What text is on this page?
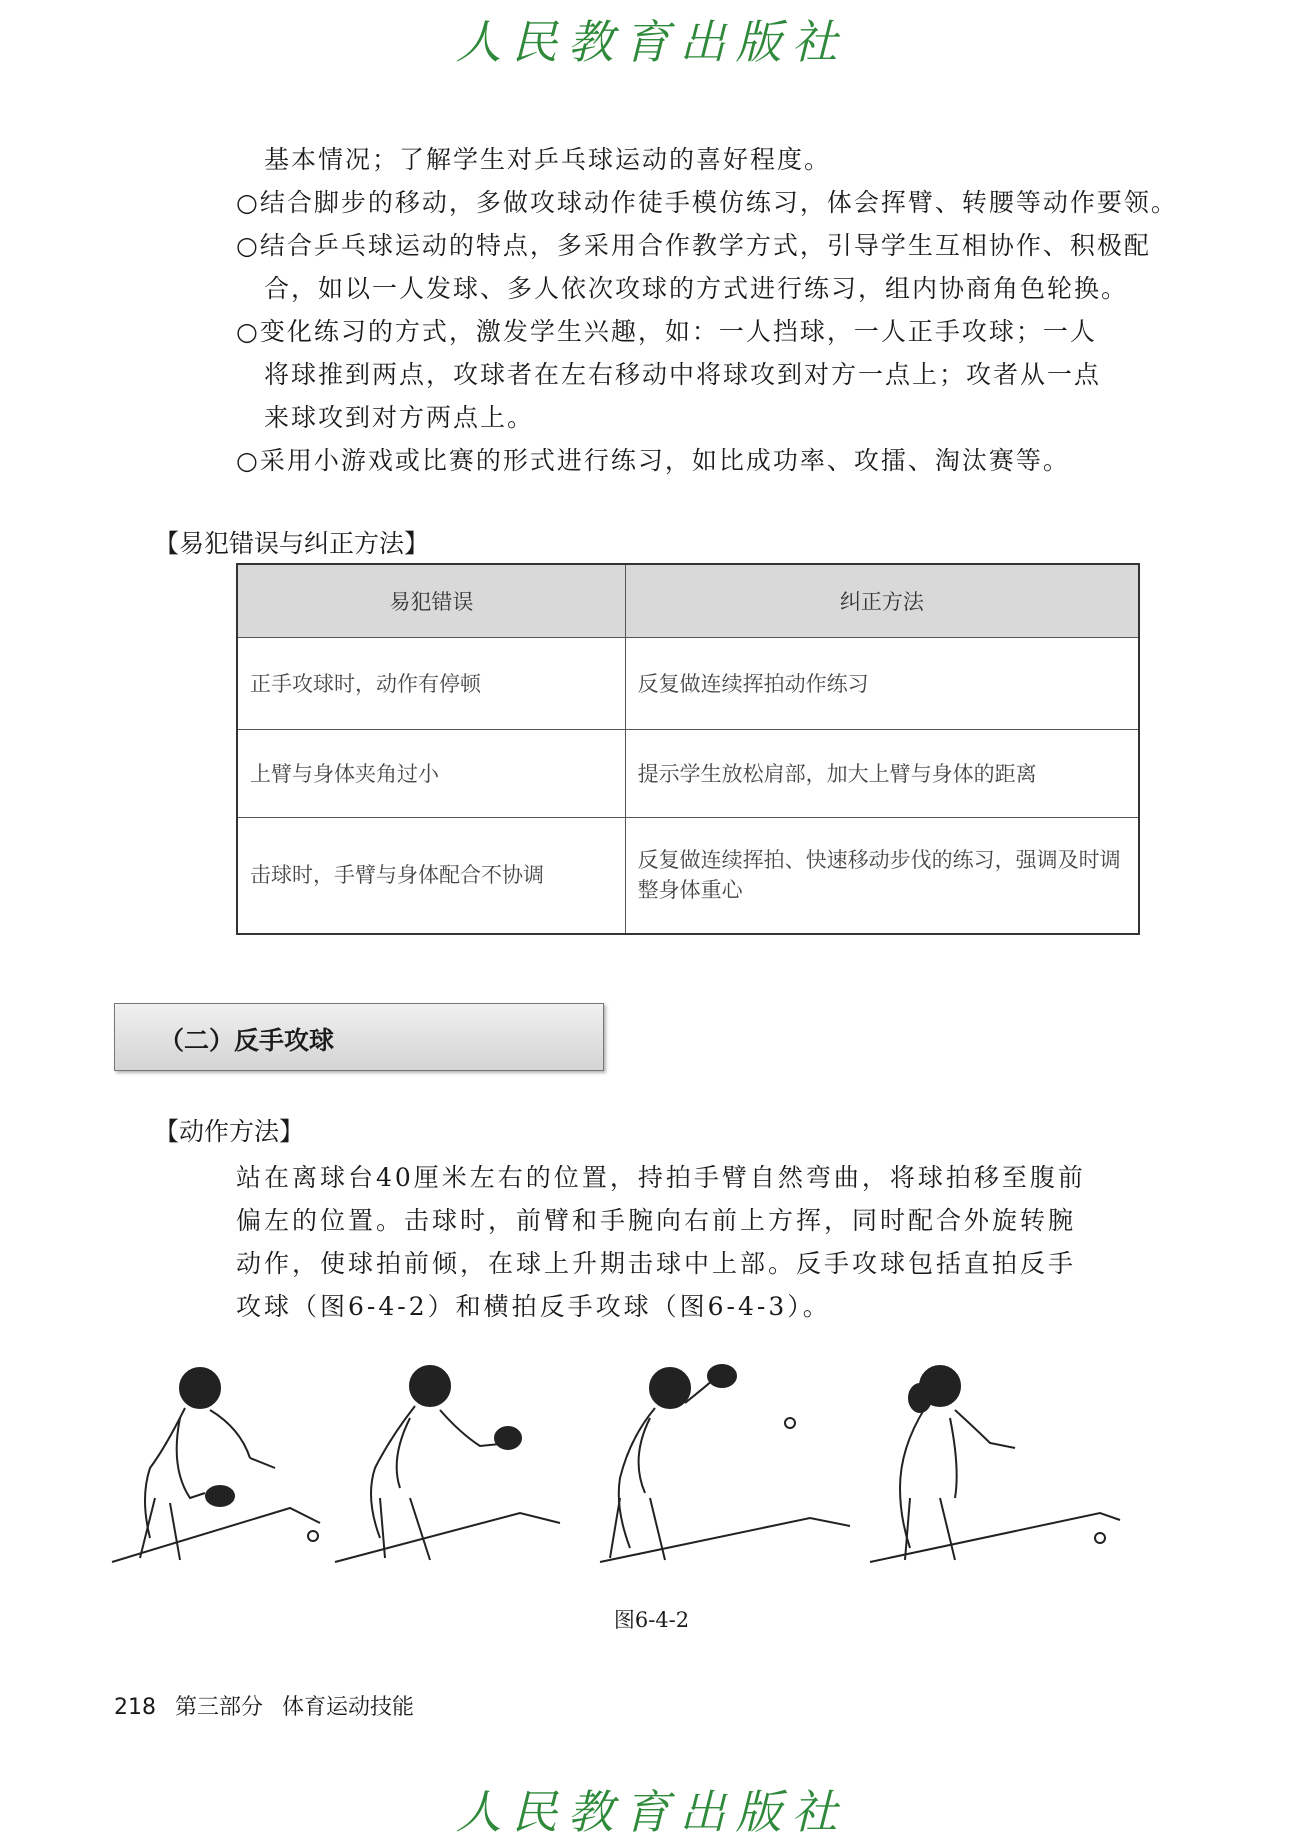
人民教育出版社
基本情况；了解学生对乒乓球运动的喜好程度。
○结合脚步的移动，多做攻球动作徒手模仿练习，体会挥臂、转腰等动作要领。
○结合乒乓球运动的特点，多采用合作教学方式，引导学生互相协作、积极配
合，如以一人发球、多人依次攻球的方式进行练习，组内协商角色轮换。
○变化练习的方式，激发学生兴趣，如：一人挡球，一人正手攻球；一人
将球推到两点，攻球者在左右移动中将球攻到对方一点上；攻者从一点
来球攻到对方两点上。
○采用小游戏或比赛的形式进行练习，如比成功率、攻擂、淘汰赛等。
【易犯错误与纠正方法】
易犯错误	纠正方法
正手攻球时，动作有停顿	反复做连续挥拍动作练习
上臂与身体夹角过小	提示学生放松肩部，加大上臂与身体的距离
击球时，手臂与身体配合不协调	反复做连续挥拍、快速移动步伐的练习，强调及时调整身体重心
（二）反手攻球
【动作方法】
站在离球台40厘米左右的位置，持拍手臂自然弯曲，将球拍移至腹前
偏左的位置。击球时，前臂和手腕向右前上方挥，同时配合外旋转腕
动作，使球拍前倾，在球上升期击球中上部。反手攻球包括直拍反手
攻球（图6-4-2）和横拍反手攻球（图6-4-3）。
图6-4-2
218 第三部分 体育运动技能
人民教育出版社
